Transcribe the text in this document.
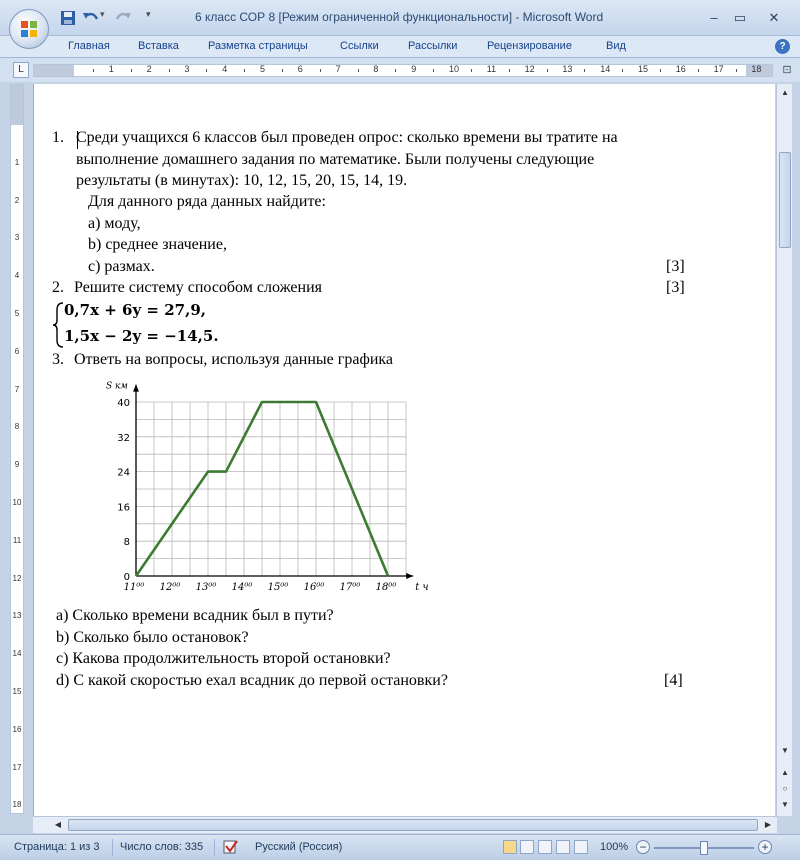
▾	▾	6 класс СОР 8 [Режим ограниченной функциональности] - Microsoft Word	–	▭	✕
Главная	Вставка	Разметка страницы	Ссылки	Рассылки	Рецензирование	Вид	?
L	1	2	3	4	5	6	7	8	9	10	11	12	13	14	15	16	17	18 ⊡
1
2
3
4
5
6
7
8
9
10
11
12
13
14
15
16
17
18
1. Среди учащихся 6 классов был проведен опрос: сколько времени вы тратите на
выполнение домашнего задания по математике. Были получены следующие
результаты (в минутах): 10, 12, 15, 20, 15, 14, 19.
Для данного ряда данных найдите:
a) моду,
b) среднее значение,
c) размах.	[3]
2. Решите систему способом сложения	[3]
0,7x + 6y = 27,9,
1,5x − 2y = −14,5.
3. Ответь на вопросы, используя данные графика
0
8
16
24
32
40
11⁰⁰ 12⁰⁰ 13⁰⁰ 14⁰⁰ 15⁰⁰ 16⁰⁰ 17⁰⁰ 18⁰⁰
S км
t ч
a) Сколько времени всадник был в пути?
b) Сколько было остановок?
c) Какова продолжительность второй остановки?
d) С какой скоростью ехал всадник до первой остановки?	[4]
▲
▼
▲
○
▼
◀	▶
Страница: 1 из 3 Число слов: 335	Русский (Россия)	100% −	+
